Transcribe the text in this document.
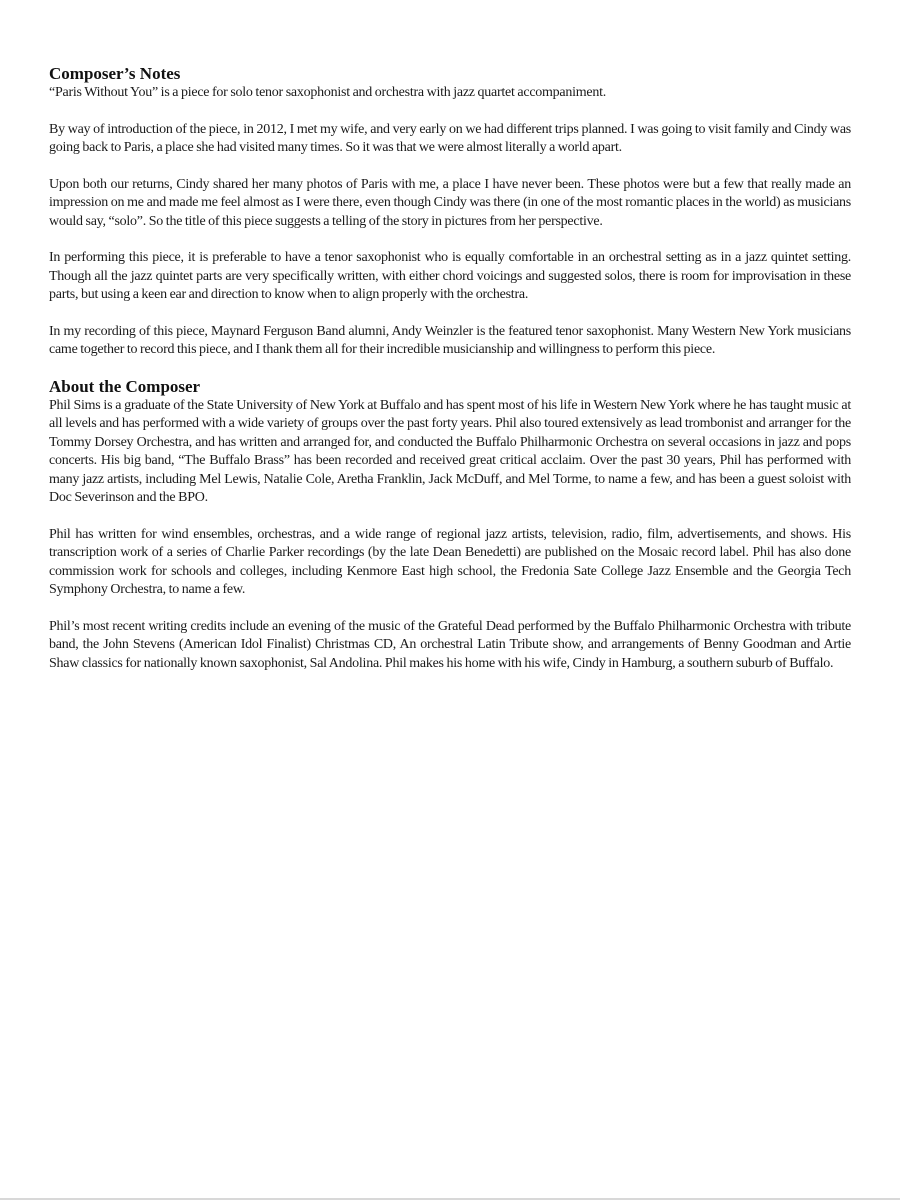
Composer’s Notes

“Paris Without You” is a piece for solo tenor saxophonist and orchestra with jazz quartet accompaniment.

By way of introduction of the piece, in 2012, I met my wife, and very early on we had different trips planned. I was going to visit family and Cindy was going back to Paris, a place she had visited many times. So it was that we were almost literally a world apart.

Upon both our returns, Cindy shared her many photos of Paris with me, a place I have never been. These photos were but a few that really made an impression on me and made me feel almost as I were there, even though Cindy was there (in one of the most romantic places in the world) as musicians would say, “solo”. So the title of this piece suggests a telling of the story in pictures from her perspective.

In performing this piece, it is preferable to have a tenor saxophonist who is equally comfortable in an orchestral setting as in a jazz quintet setting. Though all the jazz quintet parts are very specifically written, with either chord voicings and suggested solos, there is room for improvisation in these parts, but using a keen ear and direction to know when to align properly with the orchestra.

In my recording of this piece, Maynard Ferguson Band alumni, Andy Weinzler is the featured tenor saxophonist. Many Western New York musicians came together to record this piece, and I thank them all for their incredible musicianship and willingness to perform this piece.

About the Composer

Phil Sims is a graduate of the State University of New York at Buffalo and has spent most of his life in Western New York where he has taught music at all levels and has performed with a wide variety of groups over the past forty years. Phil also toured extensively as lead trombonist and arranger for the Tommy Dorsey Orchestra, and has written and arranged for, and conducted the Buffalo Philharmonic Orchestra on several occasions in jazz and pops concerts. His big band, “The Buffalo Brass” has been recorded and received great critical acclaim. Over the past 30 years, Phil has performed with many jazz artists, including Mel Lewis, Natalie Cole, Aretha Franklin, Jack McDuff, and Mel Torme, to name a few, and has been a guest soloist with Doc Severinson and the BPO.

Phil has written for wind ensembles, orchestras, and a wide range of regional jazz artists, television, radio, film, advertisements, and shows. His transcription work of a series of Charlie Parker recordings (by the late Dean Benedetti) are published on the Mosaic record label. Phil has also done commission work for schools and colleges, including Kenmore East high school, the Fredonia Sate College Jazz Ensemble and the Georgia Tech Symphony Orchestra, to name a few.

Phil’s most recent writing credits include an evening of the music of the Grateful Dead performed by the Buffalo Philharmonic Orchestra with tribute band, the John Stevens (American Idol Finalist) Christmas CD, An orchestral Latin Tribute show, and arrangements of Benny Goodman and Artie Shaw classics for nationally known saxophonist, Sal Andolina. Phil makes his home with his wife, Cindy in Hamburg, a southern suburb of Buffalo.
